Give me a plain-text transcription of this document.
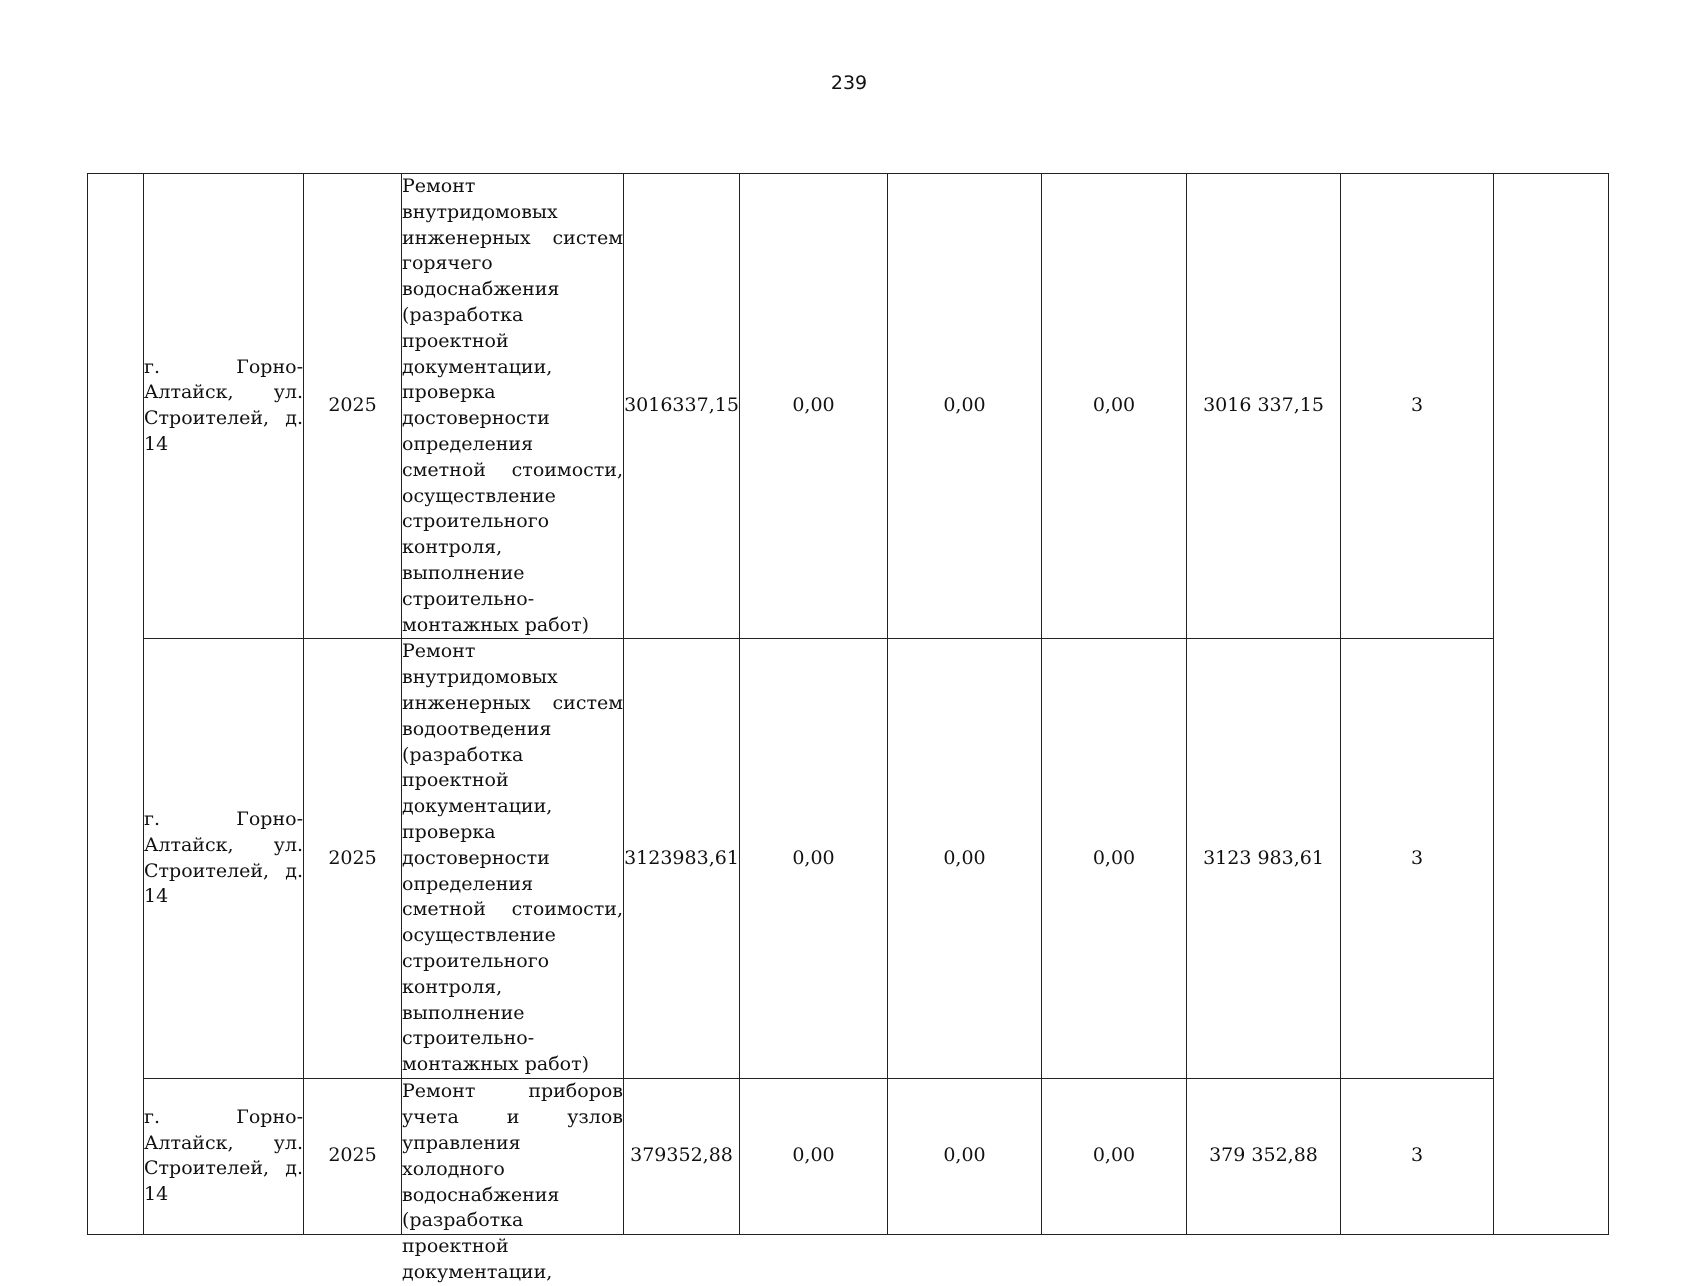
239
	г. Горно-Алтайск, ул. Строителей, д. 14	2025	Ремонт внутридомовых инженерных систем горячего водоснабжения (разработка проектной документации, проверка достоверности определения сметной стоимости, осуществление строительного контроля, выполнение строительно-монтажных работ)	3016337,15	0,00	0,00	0,00	3016 337,15	3	
	г. Горно-Алтайск, ул. Строителей, д. 14	2025	Ремонт внутридомовых инженерных систем водоотведения (разработка проектной документации, проверка достоверности определения сметной стоимости, осуществление строительного контроля, выполнение строительно-монтажных работ)	3123983,61	0,00	0,00	0,00	3123 983,61	3	
	г. Горно-Алтайск, ул. Строителей, д. 14	2025	Ремонт приборов учета и узлов управления холодного водоснабжения (разработка проектной документации,	379352,88	0,00	0,00	0,00	379 352,88	3	
